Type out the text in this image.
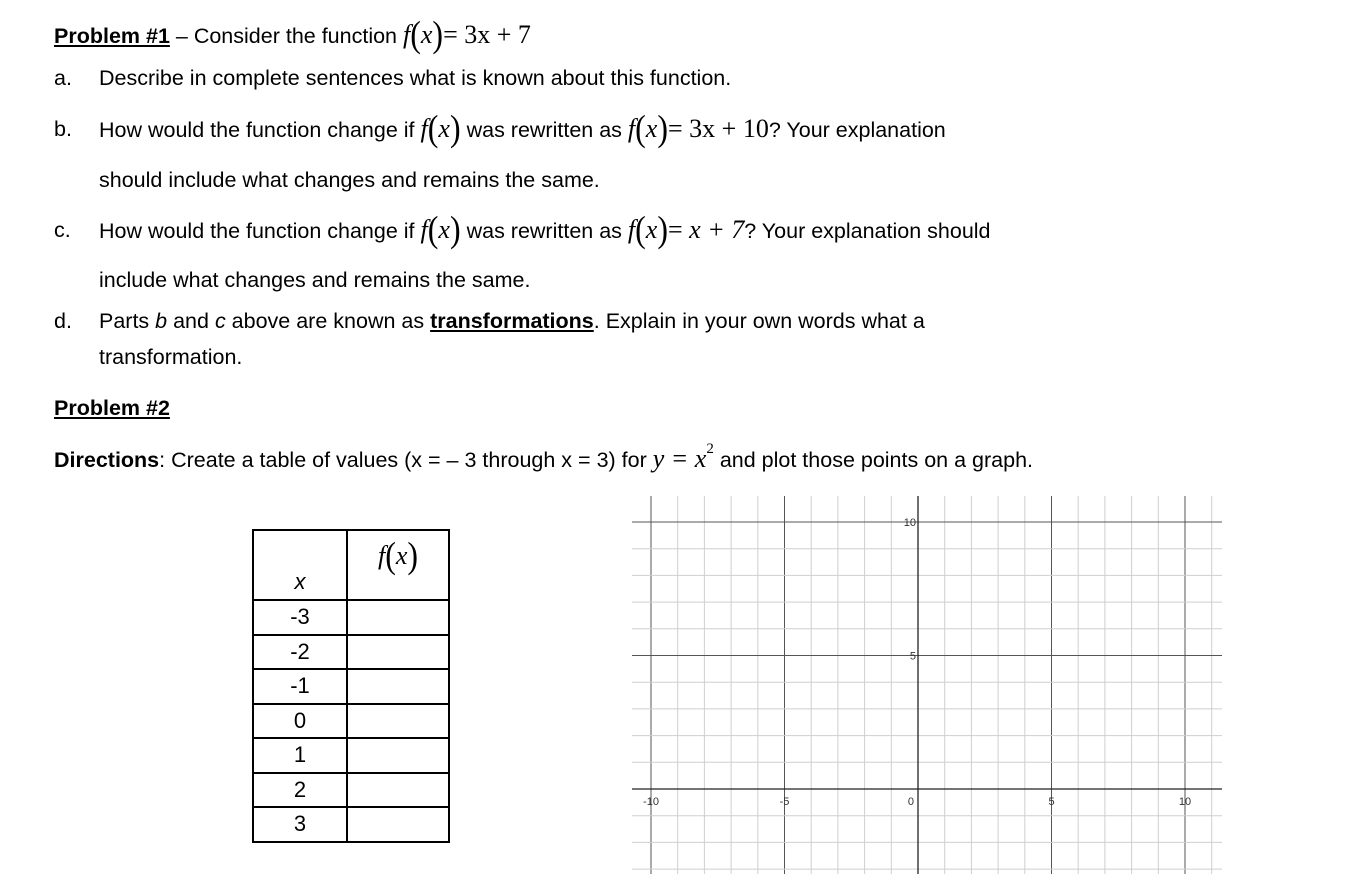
Problem #1 – Consider the function f(x)= 3x + 7
a. Describe in complete sentences what is known about this function.
b. How would the function change if f(x) was rewritten as f(x)= 3x + 10? Your explanation
should include what changes and remains the same.
c. How would the function change if f(x) was rewritten as f(x)= x + 7? Your explanation should
include what changes and remains the same.
d. Parts b and c above are known as transformations. Explain in your own words what a
transformation.
Problem #2
Directions: Create a table of values (x = – 3 through x = 3) for $y = x^2$ and plot those points on a graph.
x	f(x)
-3	
-2	
-1	
0	
1	
2	
3	
-10	-5	0	5	10
10
5
